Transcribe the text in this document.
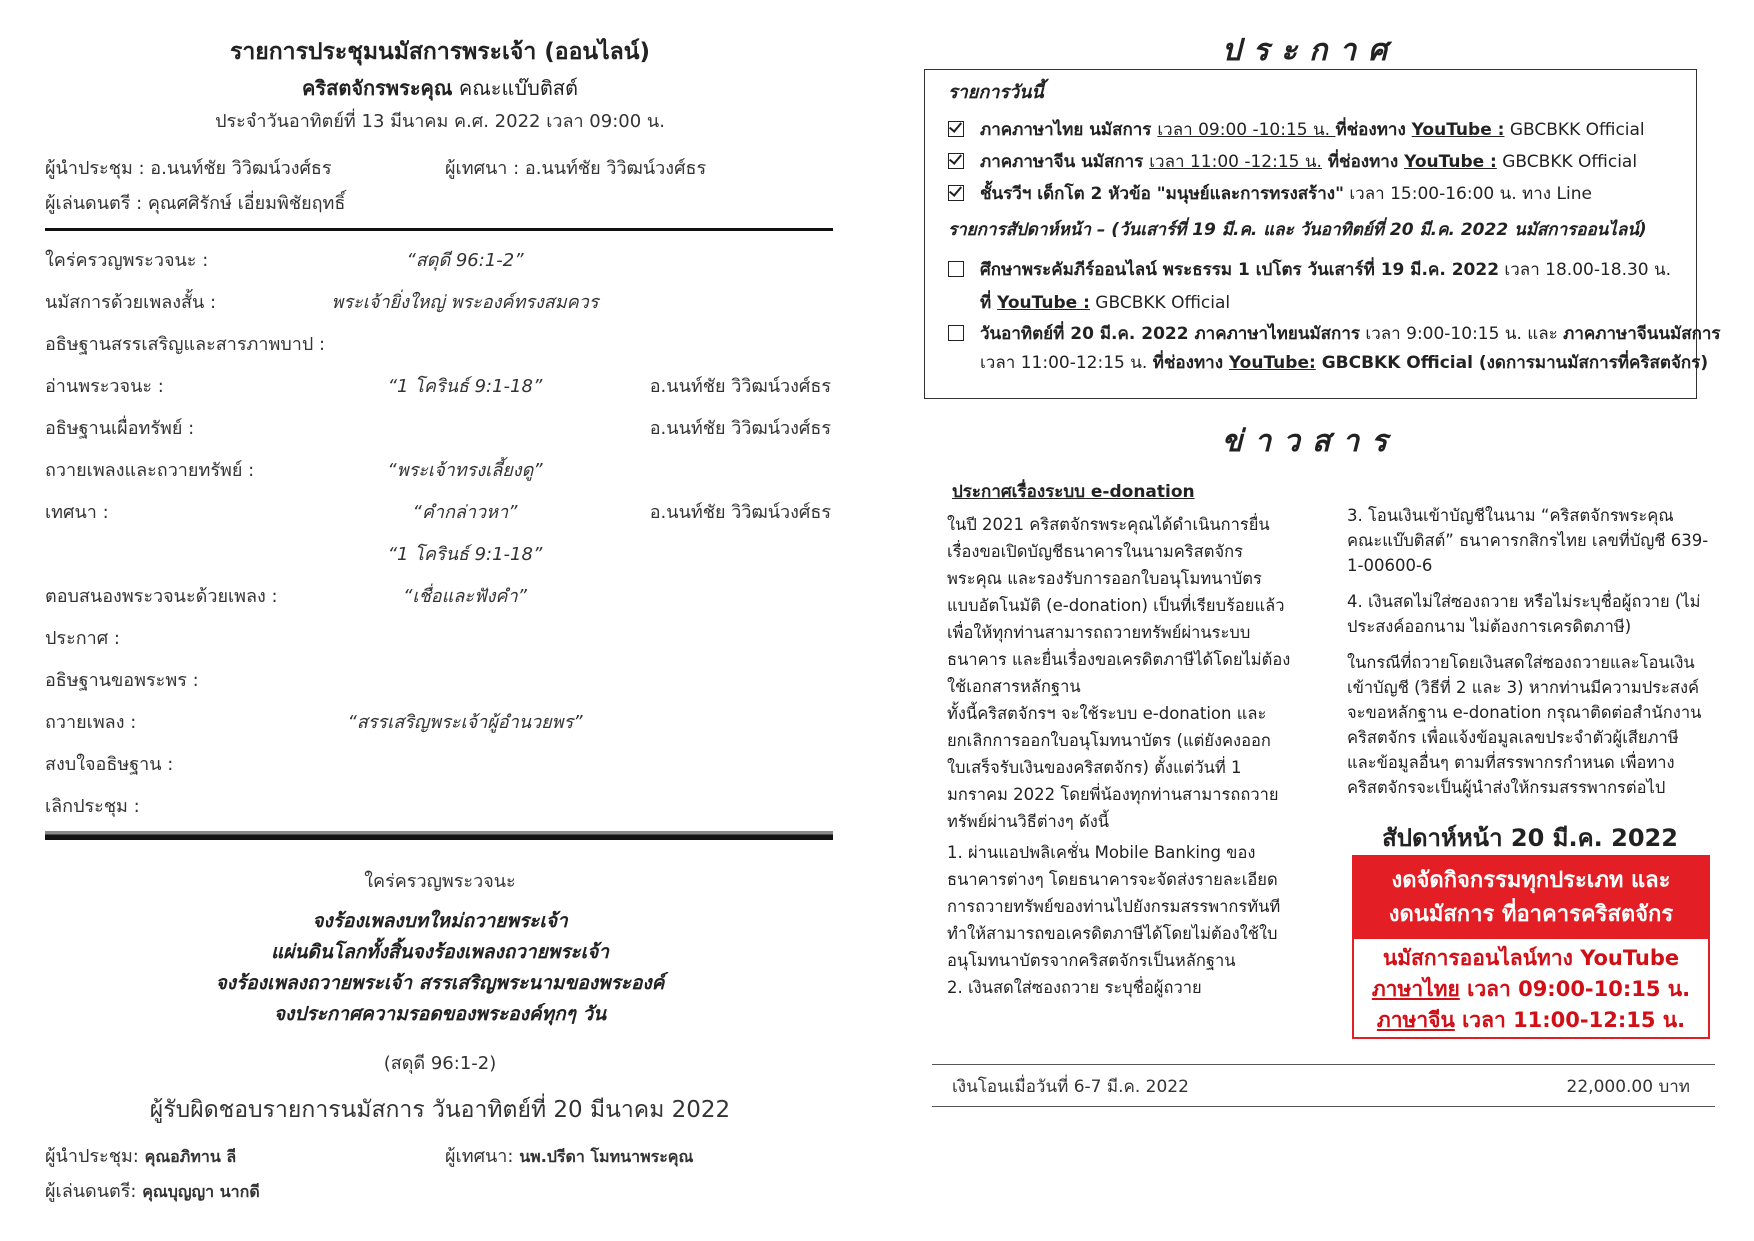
รายการประชุมนมัสการพระเจ้า (ออนไลน์)
คริสตจักรพระคุณ คณะแบ๊บติสต์
ประจำวันอาทิตย์ที่ 13 มีนาคม ค.ศ. 2022 เวลา 09:00 น.
ผู้นำประชุม : อ.นนท์ชัย วิวิฒน์วงศ์ธร	ผู้เทศนา : อ.นนท์ชัย วิวิฒน์วงศ์ธร
ผู้เล่นดนตรี : คุณศศิรักษ์ เอี่ยมพิชัยฤทธิ์
ใคร่ครวญพระวจนะ :	“สดุดี 96:1-2”
นมัสการด้วยเพลงสั้น :	พระเจ้ายิ่งใหญ่ พระองค์ทรงสมควร
อธิษฐานสรรเสริญและสารภาพบาป :
อ่านพระวจนะ :	“1 โครินธ์ 9:1-18”	อ.นนท์ชัย วิวิฒน์วงศ์ธร
อธิษฐานเผื่อทรัพย์ :	อ.นนท์ชัย วิวิฒน์วงศ์ธร
ถวายเพลงและถวายทรัพย์ :	“พระเจ้าทรงเลี้ยงดู”
เทศนา :	“คำกล่าวหา”	อ.นนท์ชัย วิวิฒน์วงศ์ธร
“1 โครินธ์ 9:1-18”
ตอบสนองพระวจนะด้วยเพลง :	“เชื่อและฟังคำ”
ประกาศ :
อธิษฐานขอพระพร :
ถวายเพลง :	“สรรเสริญพระเจ้าผู้อำนวยพร”
สงบใจอธิษฐาน :
เลิกประชุม :
ใคร่ครวญพระวจนะ
จงร้องเพลงบทใหม่ถวายพระเจ้า
แผ่นดินโลกทั้งสิ้นจงร้องเพลงถวายพระเจ้า
จงร้องเพลงถวายพระเจ้า สรรเสริญพระนามของพระองค์
จงประกาศความรอดของพระองค์ทุกๆ วัน
(สดุดี 96:1-2)
ผู้รับผิดชอบรายการนมัสการ วันอาทิตย์ที่ 20 มีนาคม 2022
ผู้นำประชุม: คุณอภิทาน ลี	ผู้เทศนา: นพ.ปรีดา โมทนาพระคุณ
ผู้เล่นดนตรี: คุณบุญญา นากดี
ประกาศ
รายการวันนี้
ภาคภาษาไทย นมัสการ เวลา 09:00 -10:15 น. ที่ช่องทาง YouTube : GBCBKK Official
ภาคภาษาจีน นมัสการ เวลา 11:00 -12:15 น. ที่ช่องทาง YouTube : GBCBKK Official
ชั้นรวีฯ เด็กโต 2 หัวข้อ "มนุษย์และการทรงสร้าง" เวลา 15:00-16:00 น. ทาง Line
รายการสัปดาห์หน้า – (วันเสาร์ที่ 19 มี.ค. และ วันอาทิตย์ที่ 20 มี.ค. 2022 นมัสการออนไลน์)
ศึกษาพระคัมภีร์ออนไลน์ พระธรรม 1 เปโตร วันเสาร์ที่ 19 มี.ค. 2022 เวลา 18.00-18.30 น.
ที่ YouTube : GBCBKK Official
วันอาทิตย์ที่ 20 มี.ค. 2022 ภาคภาษาไทยนมัสการ เวลา 9:00-10:15 น. และ ภาคภาษาจีนนมัสการ
เวลา 11:00-12:15 น. ที่ช่องทาง YouTube: GBCBKK Official (งดการมานมัสการที่คริสตจักร)
ข่าวสาร
ประกาศเรื่องระบบ e-donation
ในปี 2021 คริสตจักรพระคุณได้ดำเนินการยื่น
เรื่องขอเปิดบัญชีธนาคารในนามคริสตจักร
พระคุณ และรองรับการออกใบอนุโมทนาบัตร
แบบอัตโนมัติ (e-donation) เป็นที่เรียบร้อยแล้ว
เพื่อให้ทุกท่านสามารถถวายทรัพย์ผ่านระบบ
ธนาคาร และยื่นเรื่องขอเครดิตภาษีได้โดยไม่ต้อง
ใช้เอกสารหลักฐาน
ทั้งนี้คริสตจักรฯ จะใช้ระบบ e-donation และ
ยกเลิกการออกใบอนุโมทนาบัตร (แต่ยังคงออก
ใบเสร็จรับเงินของคริสตจักร) ตั้งแต่วันที่ 1
มกราคม 2022 โดยพี่น้องทุกท่านสามารถถวาย
ทรัพย์ผ่านวิธีต่างๆ ดังนี้
1. ผ่านแอปพลิเคชั่น Mobile Banking ของ
ธนาคารต่างๆ โดยธนาคารจะจัดส่งรายละเอียด
การถวายทรัพย์ของท่านไปยังกรมสรรพากรทันที
ทำให้สามารถขอเครดิตภาษีได้โดยไม่ต้องใช้ใบ
อนุโมทนาบัตรจากคริสตจักรเป็นหลักฐาน
2. เงินสดใส่ซองถวาย ระบุชื่อผู้ถวาย
3. โอนเงินเข้าบัญชีในนาม “คริสตจักรพระคุณ
คณะแบ๊บติสต์” ธนาคารกสิกรไทย เลขที่บัญชี 639-
1-00600-6
4. เงินสดไม่ใส่ซองถวาย หรือไม่ระบุชื่อผู้ถวาย (ไม่
ประสงค์ออกนาม ไม่ต้องการเครดิตภาษี)
ในกรณีที่ถวายโดยเงินสดใส่ซองถวายและโอนเงิน
เข้าบัญชี (วิธีที่ 2 และ 3) หากท่านมีความประสงค์
จะขอหลักฐาน e-donation กรุณาติดต่อสำนักงาน
คริสตจักร เพื่อแจ้งข้อมูลเลขประจำตัวผู้เสียภาษี
และข้อมูลอื่นๆ ตามที่สรรพากรกำหนด เพื่อทาง
คริสตจักรจะเป็นผู้นำส่งให้กรมสรรพากรต่อไป
สัปดาห์หน้า 20 มี.ค. 2022
งดจัดกิจกรรมทุกประเภท และ
งดนมัสการ ที่อาคารคริสตจักร
นมัสการออนไลน์ทาง YouTube
ภาษาไทย เวลา 09:00-10:15 น.
ภาษาจีน เวลา 11:00-12:15 น.
เงินโอนเมื่อวันที่ 6-7 มี.ค. 2022	22,000.00 บาท
